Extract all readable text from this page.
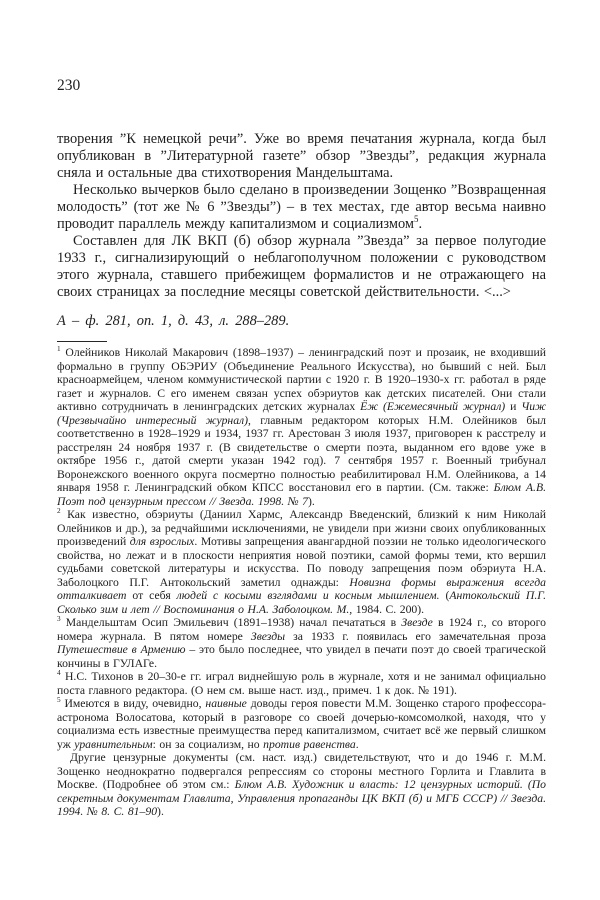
230

творения ”К немецкой речи”. Уже во время печатания журнала, когда был опубликован в ”Литературной газете” обзор ”Звезды”, редакция журнала сняла и остальные два стихотворения Мандельштама.

Несколько вычерков было сделано в произведении Зощенко ”Возвращенная молодость” (тот же № 6 ”Звезды”) – в тех местах, где автор весьма наивно проводит параллель между капитализмом и социализмом$^5$.

Составлен для ЛК ВКП (б) обзор журнала ”Звезда” за первое полугодие 1933 г., сигнализирующий о неблагополучном положении с руководством этого журнала, ставшего прибежищем формалистов и не отражающего на своих страницах за последние месяцы советской действительности. <...>

А – ф. 281, оп. 1, д. 43, л. 288–289.

$^1$ Олейников Николай Макарович (1898–1937) – ленинградский поэт и прозаик, не входивший формально в группу ОБЭРИУ (Объединение Реального Искусства), но бывший с ней. Был красноармейцем, членом коммунистической партии с 1920 г. В 1920–1930-х гг. работал в ряде газет и журналов. С его именем связан успех обэриутов как детских писателей. Они стали активно сотрудничать в ленинградских детских журналах Ёж (Ежемесячный журнал) и Чиж (Чрезвычайно интересный журнал), главным редактором которых Н.М. Олейников был соответственно в 1928–1929 и 1934, 1937 гг. Арестован 3 июля 1937, приговорен к расстрелу и расстрелян 24 ноября 1937 г. (В свидетельстве о смерти поэта, выданном его вдове уже в октябре 1956 г., датой смерти указан 1942 год). 7 сентября 1957 г. Военный трибунал Воронежского военного округа посмертно полностью реабилитировал Н.М. Олейникова, а 14 января 1958 г. Ленинградский обком КПСС восстановил его в партии. (См. также: Блюм А.В. Поэт под цензурным прессом // Звезда. 1998. № 7).

$^2$ Как известно, обэриуты (Даниил Хармс, Александр Введенский, близкий к ним Николай Олейников и др.), за редчайшими исключениями, не увидели при жизни своих опубликованных произведений для взрослых. Мотивы запрещения авангардной поэзии не только идеологического свойства, но лежат и в плоскости неприятия новой поэтики, самой формы теми, кто вершил судьбами советской литературы и искусства. По поводу запрещения поэм обэриута Н.А. Заболоцкого П.Г. Антокольский заметил однажды: Новизна формы выражения всегда отталкивает от себя людей с косыми взглядами и косным мышлением. (Антокольский П.Г. Сколько зим и лет // Воспоминания о Н.А. Заболоцком. М., 1984. С. 200).

$^3$ Мандельштам Осип Эмильевич (1891–1938) начал печататься в Звезде в 1924 г., со второго номера журнала. В пятом номере Звезды за 1933 г. появилась его замечательная проза Путешествие в Армению – это было последнее, что увидел в печати поэт до своей трагической кончины в ГУЛАГе.

$^4$ Н.С. Тихонов в 20–30-е гг. играл виднейшую роль в журнале, хотя и не занимал официально поста главного редактора. (О нем см. выше наст. изд., примеч. 1 к док. № 191).

$^5$ Имеются в виду, очевидно, наивные доводы героя повести М.М. Зощенко старого профессора-астронома Волосатова, который в разговоре со своей дочерью-комсомолкой, находя, что у социализма есть известные преимущества перед капитализмом, считает всё же первый слишком уж уравнительным: он за социализм, но против равенства.

Другие цензурные документы (см. наст. изд.) свидетельствуют, что и до 1946 г. М.М. Зощенко неоднократно подвергался репрессиям со стороны местного Горлита и Главлита в Москве. (Подробнее об этом см.: Блюм А.В. Художник и власть: 12 цензурных историй. (По секретным документам Главлита, Управления пропаганды ЦК ВКП (б) и МГБ СССР) // Звезда. 1994. № 8. С. 81–90).
